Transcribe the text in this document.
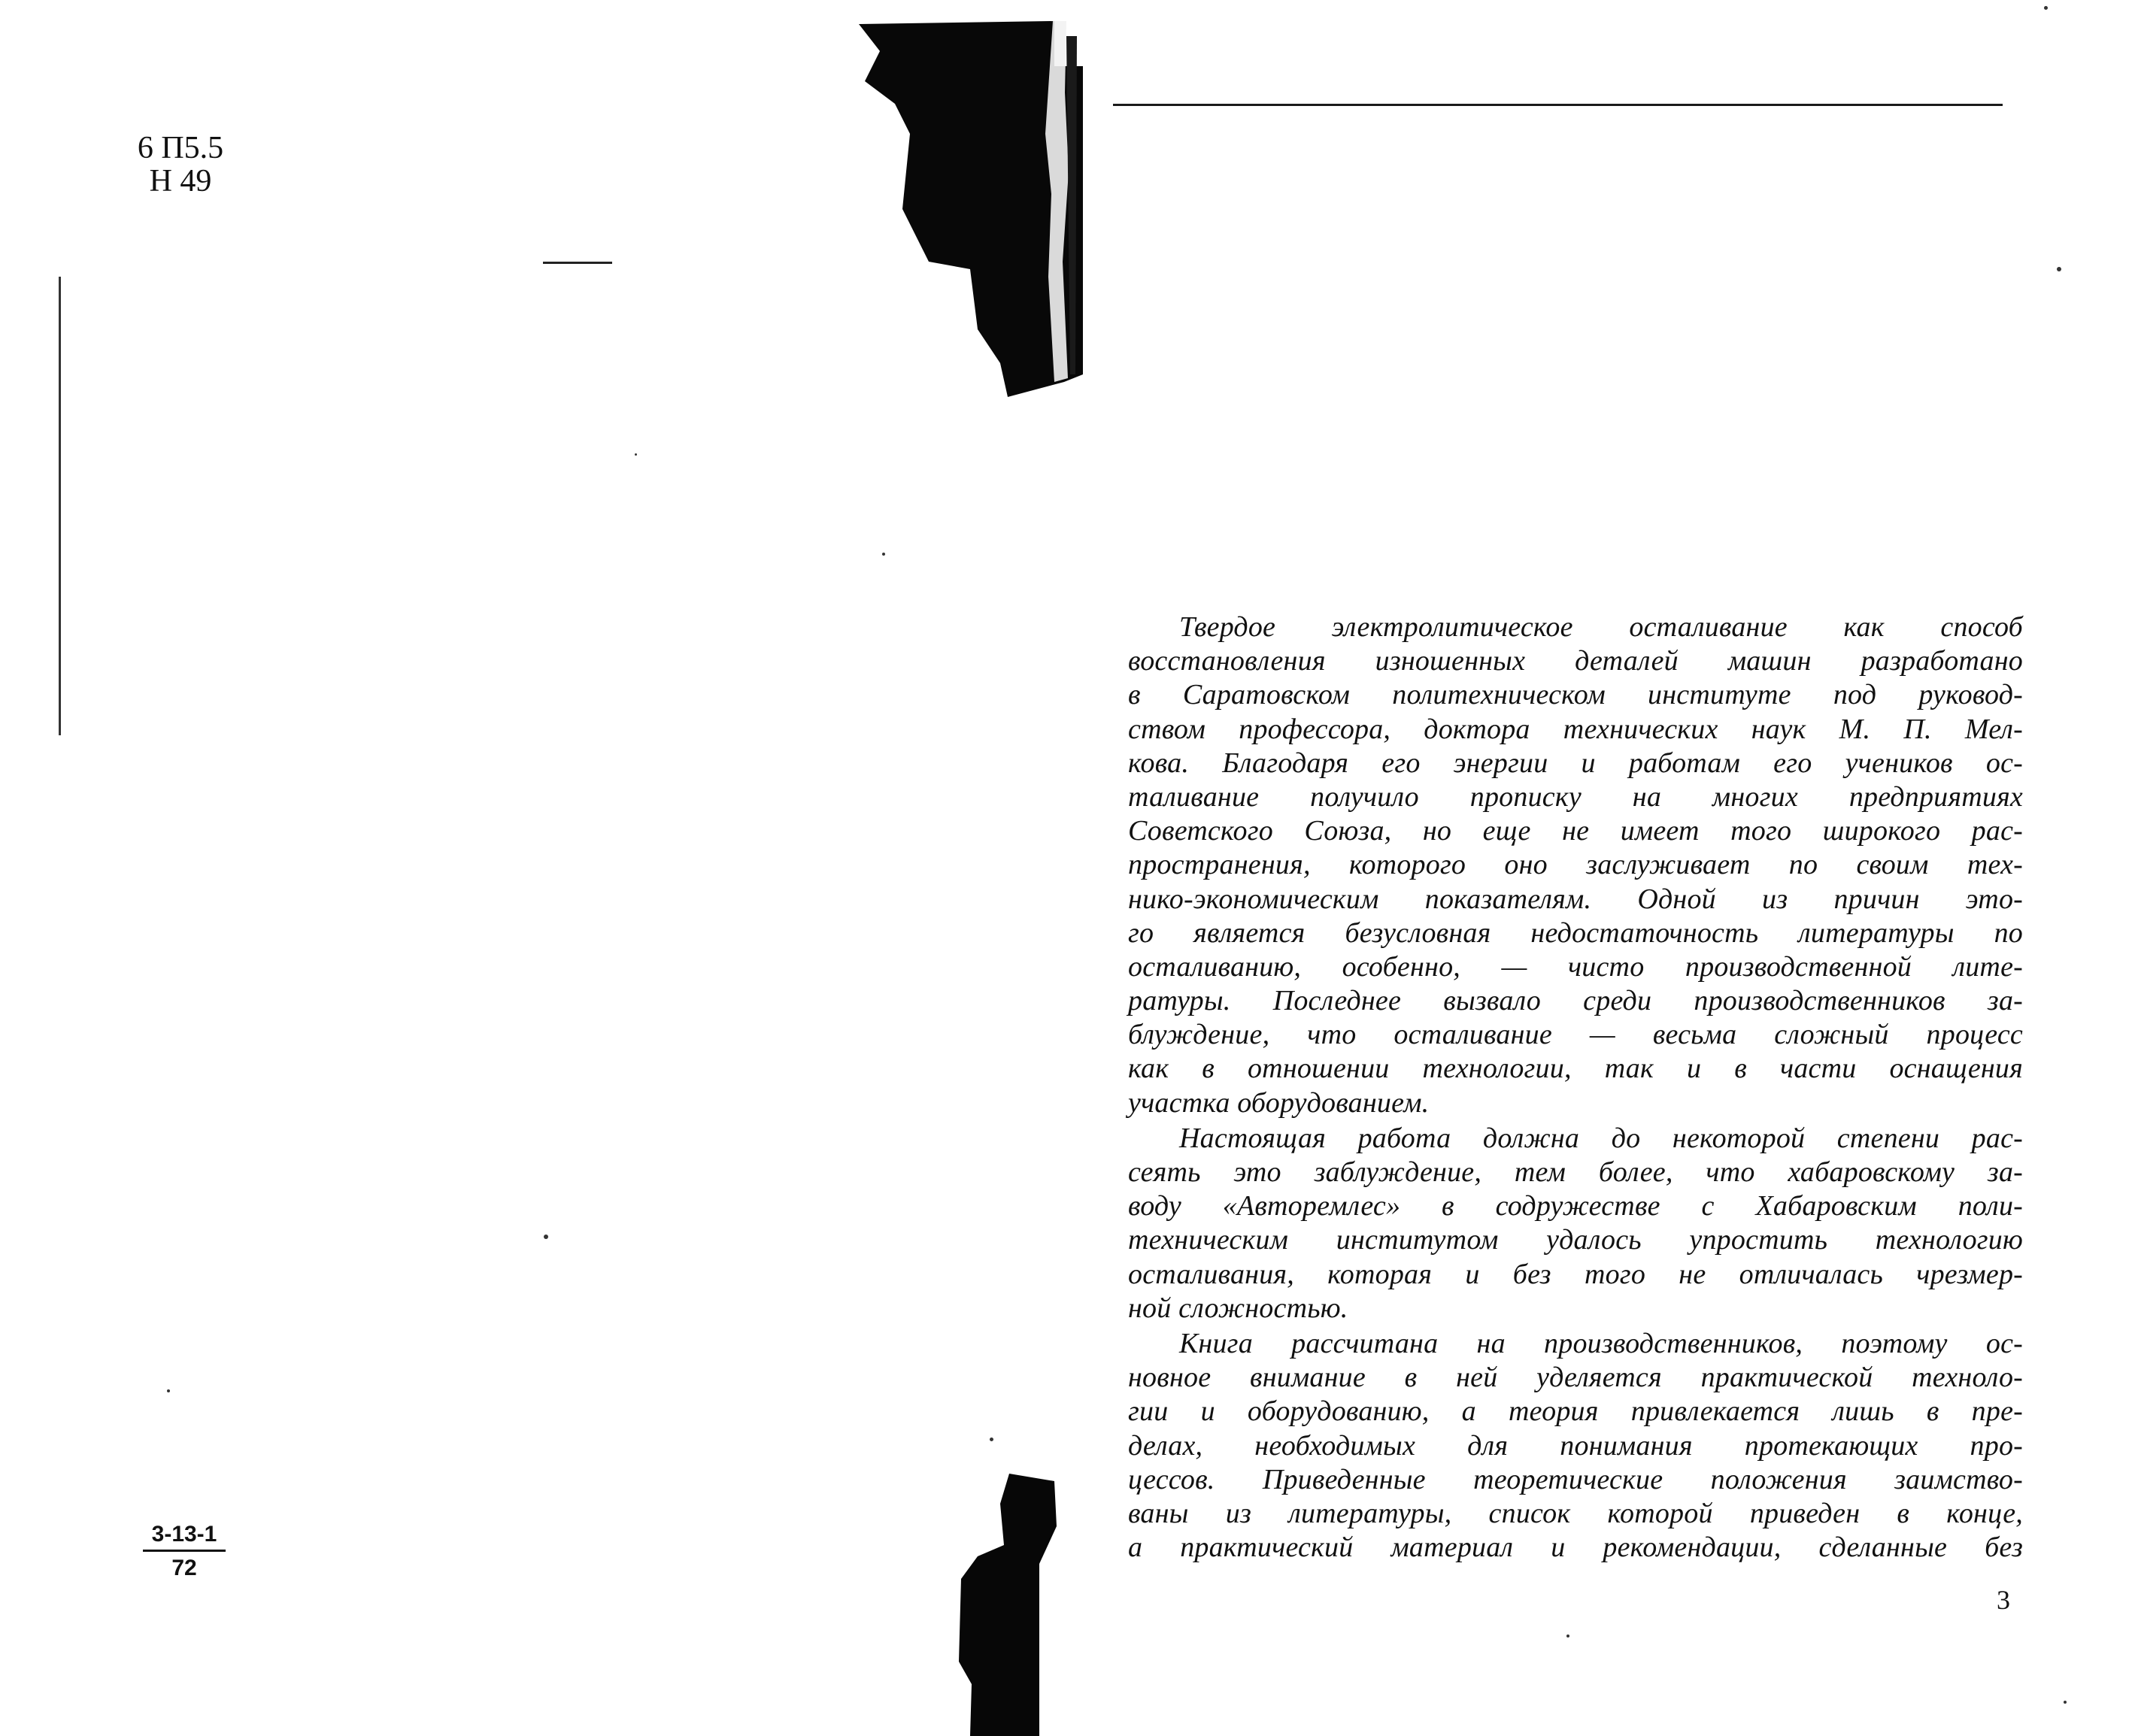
6 П5.5
Н 49
$\frac{3-13-1}{72}$
Твердое электролитическое осталивание как способ
восстановления изношенных деталей машин разработано
в Саратовском политехническом институте под руковод-
ством профессора, доктора технических наук М. П. Мел-
кова. Благодаря его энергии и работам его учеников ос-
таливание получило прописку на многих предприятиях
Советского Союза, но еще не имеет того широкого рас-
пространения, которого оно заслуживает по своим тех-
нико-экономическим показателям. Одной из причин это-
го является безусловная недостаточность литературы по
осталиванию, особенно, — чисто производственной лите-
ратуры. Последнее вызвало среди производственников за-
блуждение, что осталивание — весьма сложный процесс
как в отношении технологии, так и в части оснащения
участка оборудованием.
Настоящая работа должна до некоторой степени рас-
сеять это заблуждение, тем более, что хабаровскому за-
воду «Авторемлес» в содружестве с Хабаровским поли-
техническим институтом удалось упростить технологию
осталивания, которая и без того не отличалась чрезмер-
ной сложностью.
Книга рассчитана на производственников, поэтому ос-
новное внимание в ней уделяется практической техноло-
гии и оборудованию, а теория привлекается лишь в пре-
делах, необходимых для понимания протекающих про-
цессов. Приведенные теоретические положения заимство-
ваны из литературы, список которой приведен в конце,
а практический материал и рекомендации, сделанные без
3
